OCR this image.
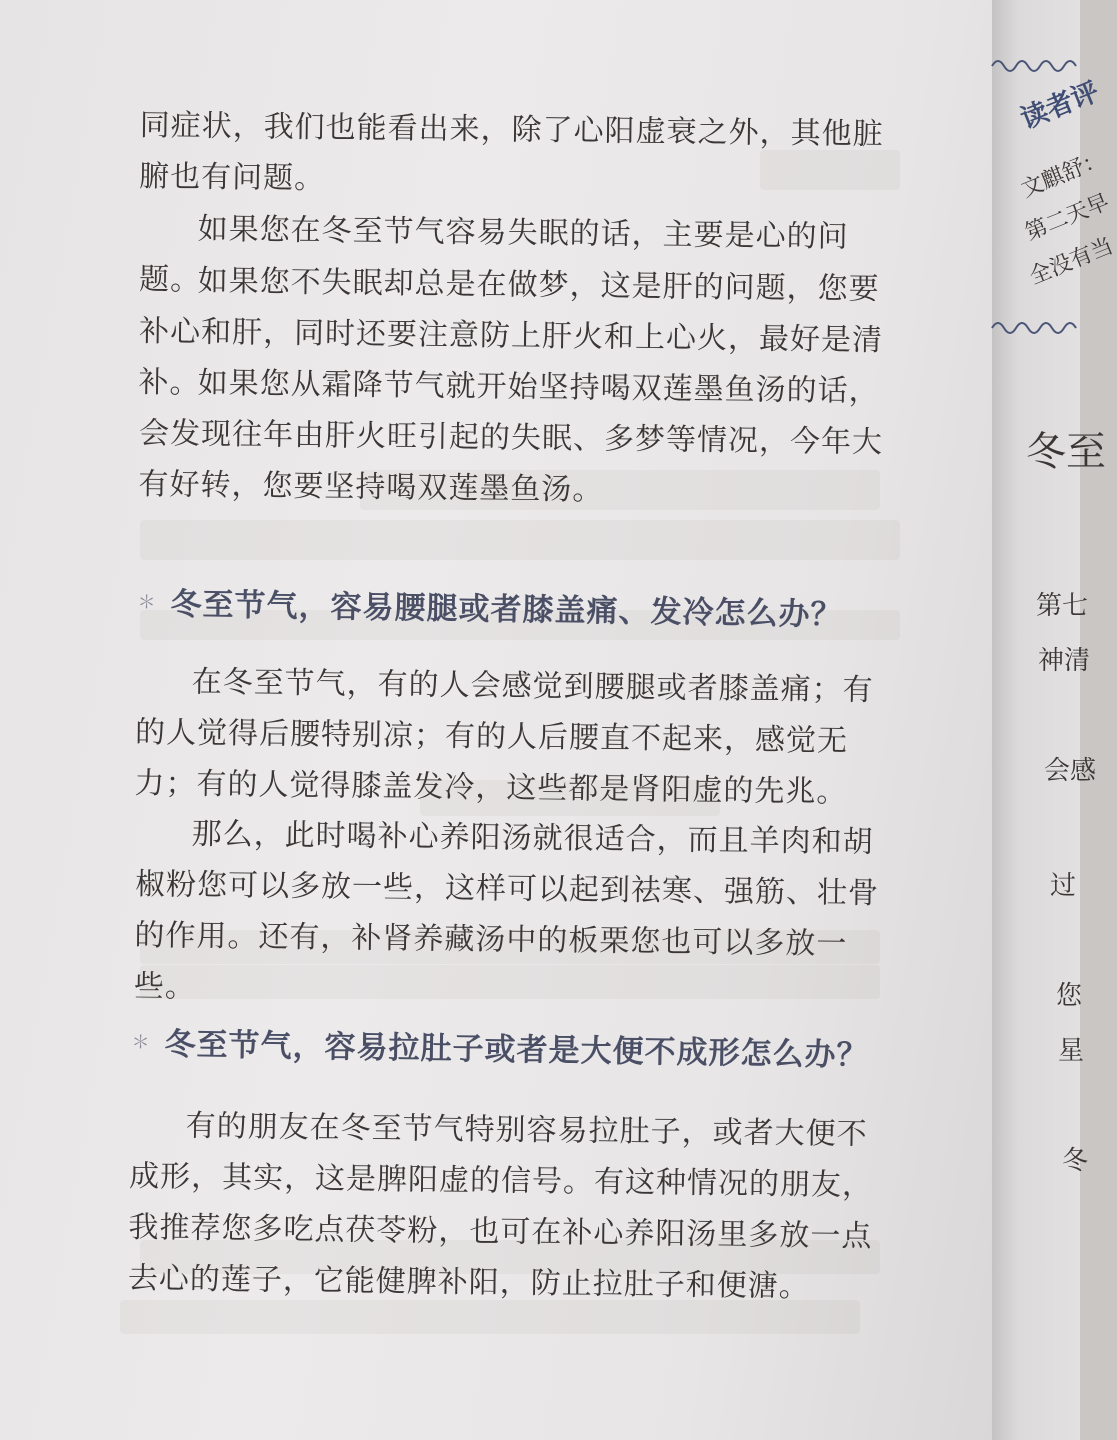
同症状，我们也能看出来，除了心阳虚衰之外，其他脏腑也有问题。

如果您在冬至节气容易失眠的话，主要是心的问题。

如果您不失眠却总是在做梦，这是肝的问题，您要补心和肝，同时还要注意防上肝火和上心火，最好是清补。

如果您从霜降节气就开始坚持喝双莲墨鱼汤的话，会发现往年由肝火旺引起的失眠、多梦等情况，今年大有好转，您要坚持喝双莲墨鱼汤。

＊ 冬至节气，容易腰腿或者膝盖痛、发冷怎么办？

在冬至节气，有的人会感觉到腰腿或者膝盖痛；有的人觉得后腰特别凉；有的人后腰直不起来，感觉无力；有的人觉得膝盖发冷，这些都是肾阳虚的先兆。

那么，此时喝补心养阳汤就很适合，而且羊肉和胡椒粉您可以多放一些，这样可以起到祛寒、强筋、壮骨的作用。还有，补肾养藏汤中的板栗您也可以多放一些。

＊ 冬至节气，容易拉肚子或者是大便不成形怎么办？

有的朋友在冬至节气特别容易拉肚子，或者大便不成形，其实，这是脾阳虚的信号。有这种情况的朋友，我推荐您多吃点茯苓粉，也可在补心养阳汤里多放一点去心的莲子，它能健脾补阳，防止拉肚子和便溏。

读者评
文麒舒：
第二天早
全没有当
冬至
第七
神清
会感
过
您
星
冬
